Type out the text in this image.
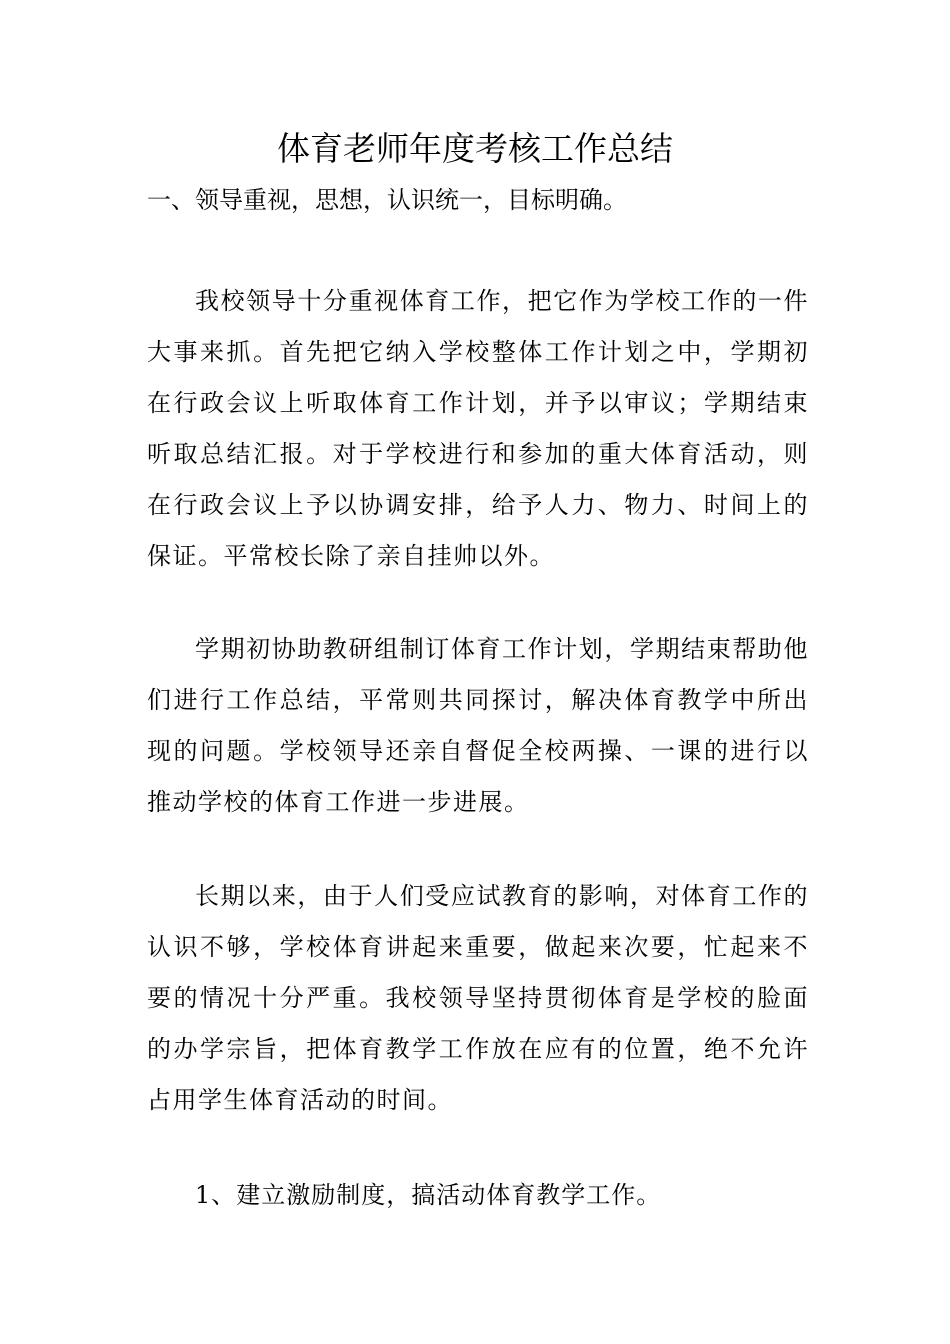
体育老师年度考核工作总结

一、领导重视，思想，认识统一，目标明确。

我校领导十分重视体育工作，把它作为学校工作的一件大事来抓。首先把它纳入学校整体工作计划之中，学期初在行政会议上听取体育工作计划，并予以审议；学期结束听取总结汇报。对于学校进行和参加的重大体育活动，则在行政会议上予以协调安排，给予人力、物力、时间上的保证。平常校长除了亲自挂帅以外。

学期初协助教研组制订体育工作计划，学期结束帮助他们进行工作总结，平常则共同探讨，解决体育教学中所出现的问题。学校领导还亲自督促全校两操、一课的进行以推动学校的体育工作进一步进展。

长期以来，由于人们受应试教育的影响，对体育工作的认识不够，学校体育讲起来重要，做起来次要，忙起来不要的情况十分严重。我校领导坚持贯彻体育是学校的脸面的办学宗旨，把体育教学工作放在应有的位置，绝不允许占用学生体育活动的时间。

1、建立激励制度，搞活动体育教学工作。
